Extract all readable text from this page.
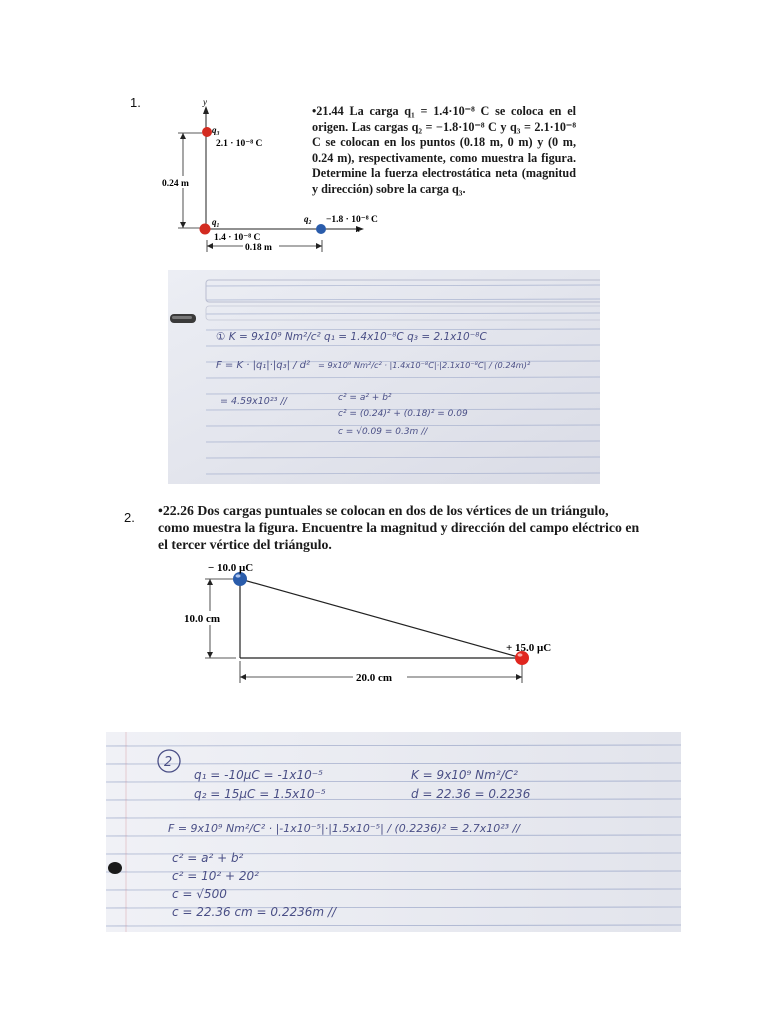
1.	y
x
0.24 m
0.18 m
q₃
2.1 · 10⁻⁸ C
q₁
1.4 · 10⁻⁸ C
q₂ −1.8 · 10⁻⁸ C
•21.44 La carga q₁ = 1.4·10⁻⁸ C se coloca en el origen. Las cargas q₂ = −1.8·10⁻⁸ C y q₃ = 2.1·10⁻⁸ C se colocan en los puntos (0.18 m, 0 m) y (0 m, 0.24 m), respectivamente, como muestra la figura. Determine la fuerza electrostática neta (magnitud y dirección) sobre la carga q₃.
① K = 9x10⁹ Nm²/c² q₁ = 1.4x10⁻⁸C q₃ = 2.1x10⁻⁸C
F = K · |q₁|·|q₃| / d² = 9x10⁹ Nm²/c² · |1.4x10⁻⁸C|·|2.1x10⁻⁸C| / (0.24m)²
= 4.59x10²³ //	c² = a² + b²
c² = (0.24)² + (0.18)² = 0.09
c = √0.09 = 0.3m //
2. •22.26 Dos cargas puntuales se colocan en dos de los vértices de un triángulo, como muestra la figura. Encuentre la magnitud y dirección del campo eléctrico en el tercer vértice del triángulo.
10.0 cm
20.0 cm
− 10.0 μC
+ 15.0 μC
2
q₁ = -10μC = -1x10⁻⁵	K = 9x10⁹ Nm²/C²
q₂ = 15μC = 1.5x10⁻⁵	d = 22.36 = 0.2236
F = 9x10⁹ Nm²/C² · |-1x10⁻⁵|·|1.5x10⁻⁵| / (0.2236)² = 2.7x10²³ //
c² = a² + b²
c² = 10² + 20²
c = √500
c = 22.36 cm = 0.2236m //
